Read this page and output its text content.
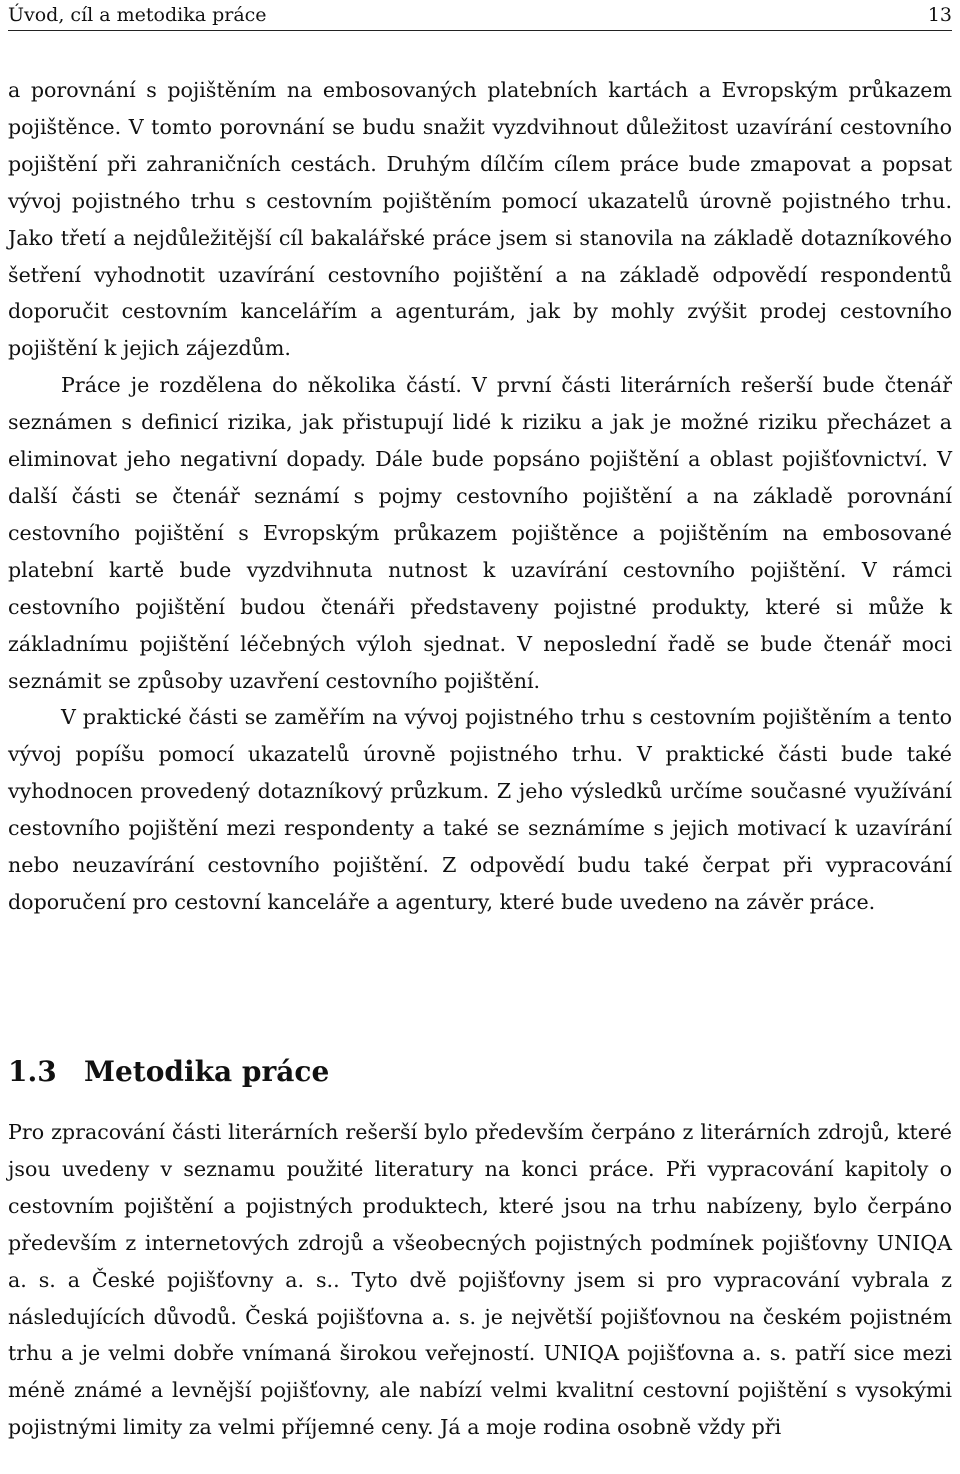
Úvod, cíl a metodika práce	13

a porovnání s pojištěním na embosovaných platebních kartách a Evropským průkazem pojištěnce. V tomto porovnání se budu snažit vyzdvihnout důležitost uzavírání cestovního pojištění při zahraničních cestách. Druhým dílčím cílem práce bude zmapovat a popsat vývoj pojistného trhu s cestovním pojištěním pomocí ukazatelů úrovně pojistného trhu. Jako třetí a nejdůležitější cíl bakalářské práce jsem si stanovila na základě dotazníkového šetření vyhodnotit uzavírání cestovního pojištění a na základě odpovědí respondentů doporučit cestovním kancelářím a agenturám, jak by mohly zvýšit prodej cestovního pojištění k jejich zájezdům.

Práce je rozdělena do několika částí. V první části literárních rešerší bude čtenář seznámen s definicí rizika, jak přistupují lidé k riziku a jak je možné riziku přecházet a eliminovat jeho negativní dopady. Dále bude popsáno pojištění a oblast pojišťovnictví. V další části se čtenář seznámí s pojmy cestovního pojištění a na základě porovnání cestovního pojištění s Evropským průkazem pojištěnce a pojištěním na embosované platební kartě bude vyzdvihnuta nutnost k uzavírání cestovního pojištění. V rámci cestovního pojištění budou čtenáři představeny pojistné produkty, které si může k základnímu pojištění léčebných výloh sjednat. V neposlední řadě se bude čtenář moci seznámit se způsoby uzavření cestovního pojištění.

V praktické části se zaměřím na vývoj pojistného trhu s cestovním pojištěním a tento vývoj popíšu pomocí ukazatelů úrovně pojistného trhu. V praktické části bude také vyhodnocen provedený dotazníkový průzkum. Z jeho výsledků určíme současné využívání cestovního pojištění mezi respondenty a také se seznámíme s jejich motivací k uzavírání nebo neuzavírání cestovního pojištění. Z odpovědí budu také čerpat při vypracování doporučení pro cestovní kanceláře a agentury, které bude uvedeno na závěr práce.

1.3 Metodika práce

Pro zpracování části literárních rešerší bylo především čerpáno z literárních zdrojů, které jsou uvedeny v seznamu použité literatury na konci práce. Při vypracování kapitoly o cestovním pojištění a pojistných produktech, které jsou na trhu nabízeny, bylo čerpáno především z internetových zdrojů a všeobecných pojistných podmínek pojišťovny UNIQA a. s. a České pojišťovny a. s.. Tyto dvě pojišťovny jsem si pro vypracování vybrala z následujících důvodů. Česká pojišťovna a. s. je největší pojišťovnou na českém pojistném trhu a je velmi dobře vnímaná širokou veřejností. UNIQA pojišťovna a. s. patří sice mezi méně známé a levnější pojišťovny, ale nabízí velmi kvalitní cestovní pojištění s vysokými pojistnými limity za velmi příjemné ceny. Já a moje rodina osobně vždy při
